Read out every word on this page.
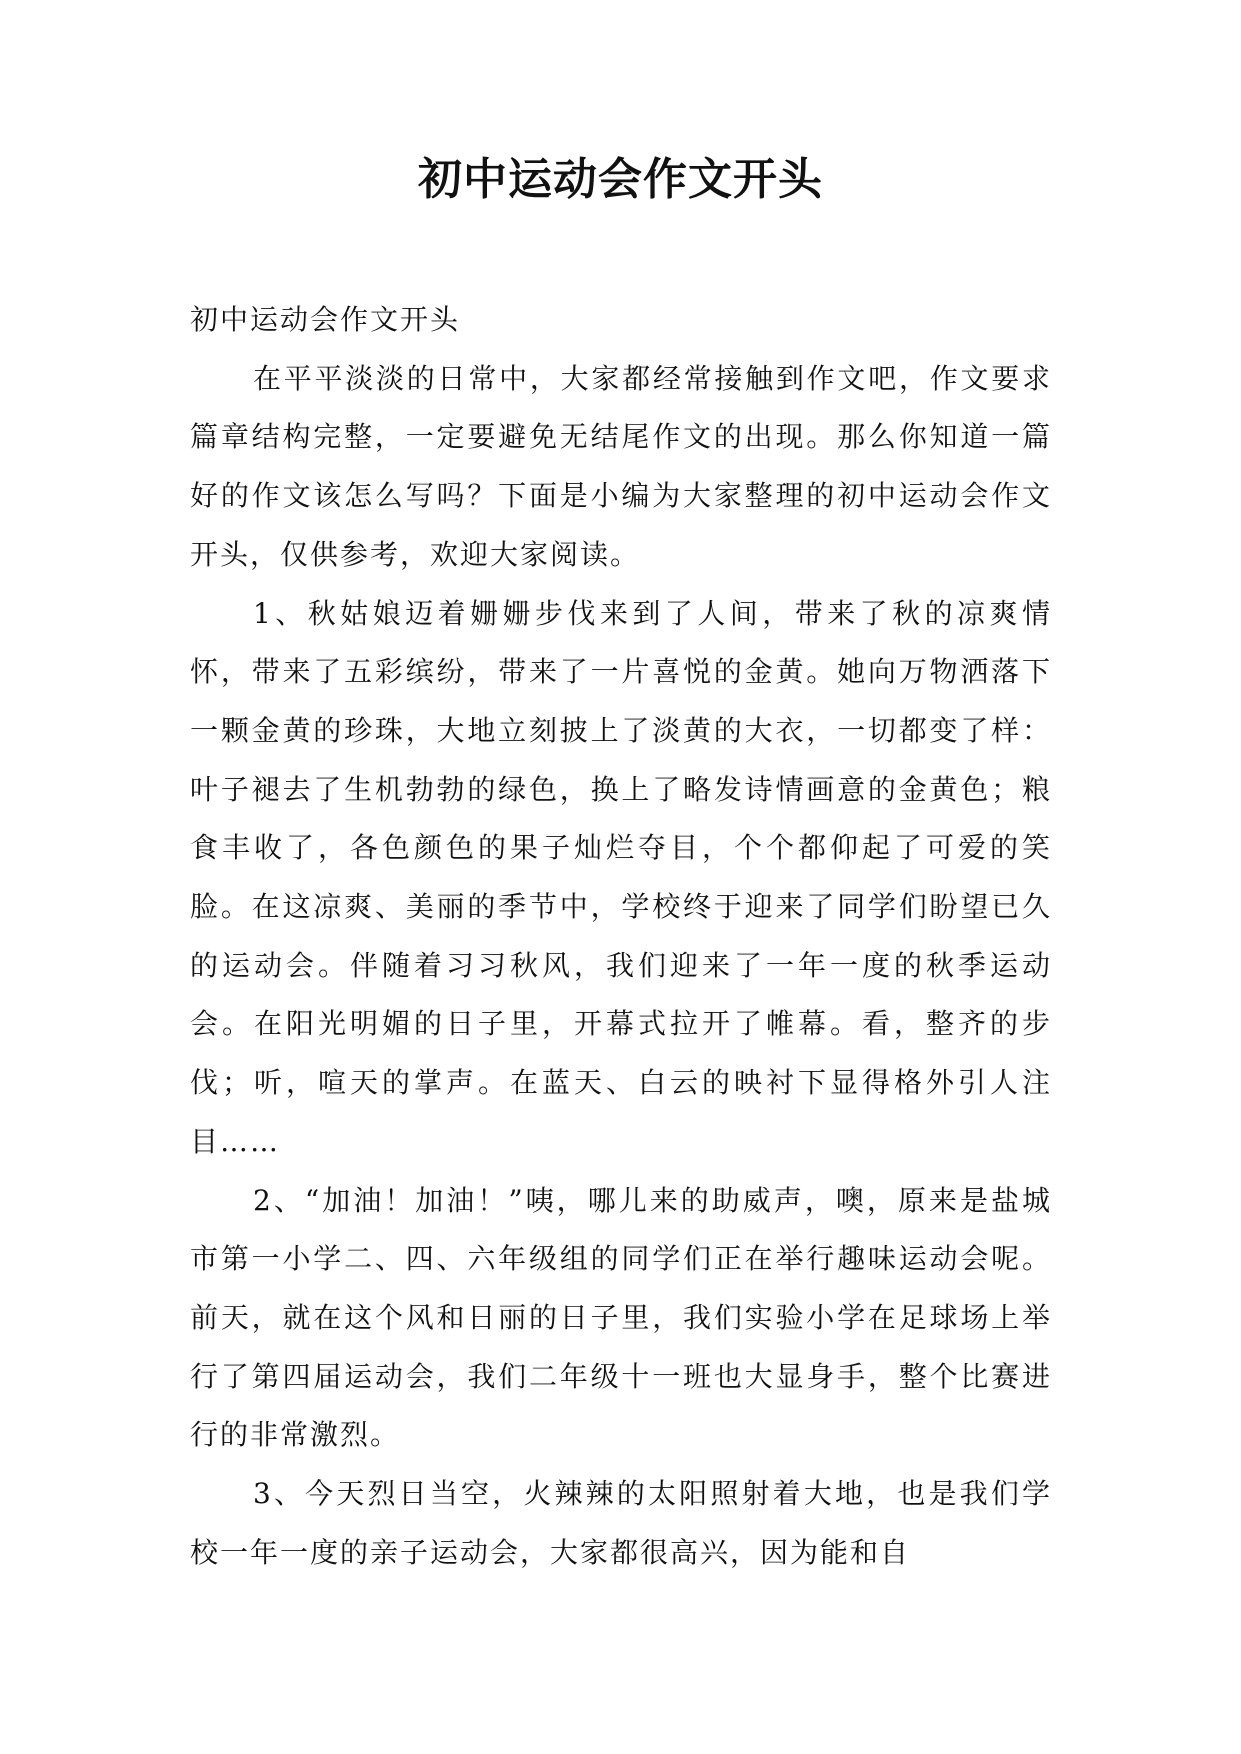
初中运动会作文开头

初中运动会作文开头

在平平淡淡的日常中，大家都经常接触到作文吧，作文要求篇章结构完整，一定要避免无结尾作文的出现。那么你知道一篇好的作文该怎么写吗？下面是小编为大家整理的初中运动会作文开头，仅供参考，欢迎大家阅读。

1、秋姑娘迈着姗姗步伐来到了人间，带来了秋的凉爽情怀，带来了五彩缤纷，带来了一片喜悦的金黄。她向万物洒落下一颗金黄的珍珠，大地立刻披上了淡黄的大衣，一切都变了样：叶子褪去了生机勃勃的绿色，换上了略发诗情画意的金黄色；粮食丰收了，各色颜色的果子灿烂夺目，个个都仰起了可爱的笑脸。在这凉爽、美丽的季节中，学校终于迎来了同学们盼望已久的运动会。伴随着习习秋风，我们迎来了一年一度的秋季运动会。在阳光明媚的日子里，开幕式拉开了帷幕。看，整齐的步伐；听，喧天的掌声。在蓝天、白云的映衬下显得格外引人注目……

2、“加油！加油！”咦，哪儿来的助威声，噢，原来是盐城市第一小学二、四、六年级组的同学们正在举行趣味运动会呢。前天，就在这个风和日丽的日子里，我们实验小学在足球场上举行了第四届运动会，我们二年级十一班也大显身手，整个比赛进行的非常激烈。

3、今天烈日当空，火辣辣的太阳照射着大地，也是我们学校一年一度的亲子运动会，大家都很高兴，因为能和自
